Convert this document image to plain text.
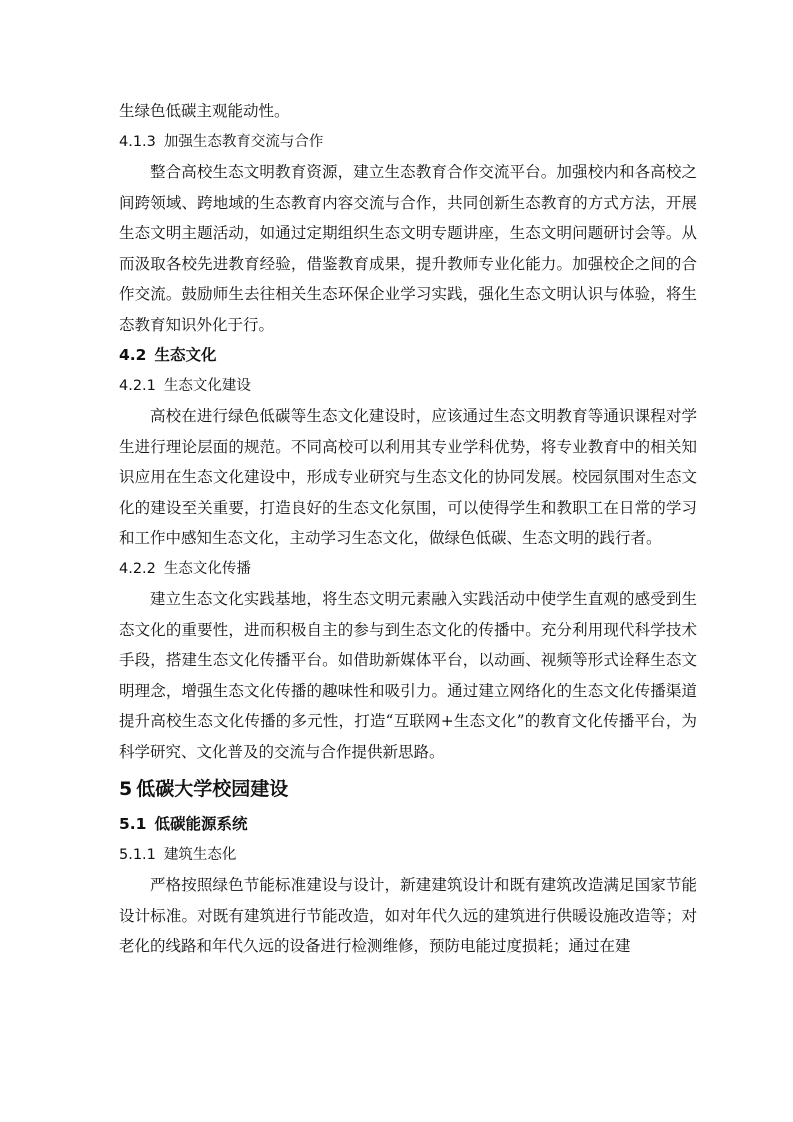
生绿色低碳主观能动性。

4.1.3 加强生态教育交流与合作

整合高校生态文明教育资源，建立生态教育合作交流平台。加强校内和各高校之间跨领域、跨地域的生态教育内容交流与合作，共同创新生态教育的方式方法，开展生态文明主题活动，如通过定期组织生态文明专题讲座，生态文明问题研讨会等。从而汲取各校先进教育经验，借鉴教育成果，提升教师专业化能力。加强校企之间的合作交流。鼓励师生去往相关生态环保企业学习实践，强化生态文明认识与体验，将生态教育知识外化于行。

4.2 生态文化

4.2.1 生态文化建设

高校在进行绿色低碳等生态文化建设时，应该通过生态文明教育等通识课程对学生进行理论层面的规范。不同高校可以利用其专业学科优势，将专业教育中的相关知识应用在生态文化建设中，形成专业研究与生态文化的协同发展。校园氛围对生态文化的建设至关重要，打造良好的生态文化氛围，可以使得学生和教职工在日常的学习和工作中感知生态文化，主动学习生态文化，做绿色低碳、生态文明的践行者。

4.2.2 生态文化传播

建立生态文化实践基地，将生态文明元素融入实践活动中使学生直观的感受到生态文化的重要性，进而积极自主的参与到生态文化的传播中。充分利用现代科学技术手段，搭建生态文化传播平台。如借助新媒体平台，以动画、视频等形式诠释生态文明理念，增强生态文化传播的趣味性和吸引力。通过建立网络化的生态文化传播渠道提升高校生态文化传播的多元性，打造“互联网+生态文化”的教育文化传播平台，为科学研究、文化普及的交流与合作提供新思路。

5 低碳大学校园建设

5.1 低碳能源系统

5.1.1 建筑生态化

严格按照绿色节能标准建设与设计，新建建筑设计和既有建筑改造满足国家节能设计标准。对既有建筑进行节能改造，如对年代久远的建筑进行供暖设施改造等；对老化的线路和年代久远的设备进行检测维修，预防电能过度损耗；通过在建
